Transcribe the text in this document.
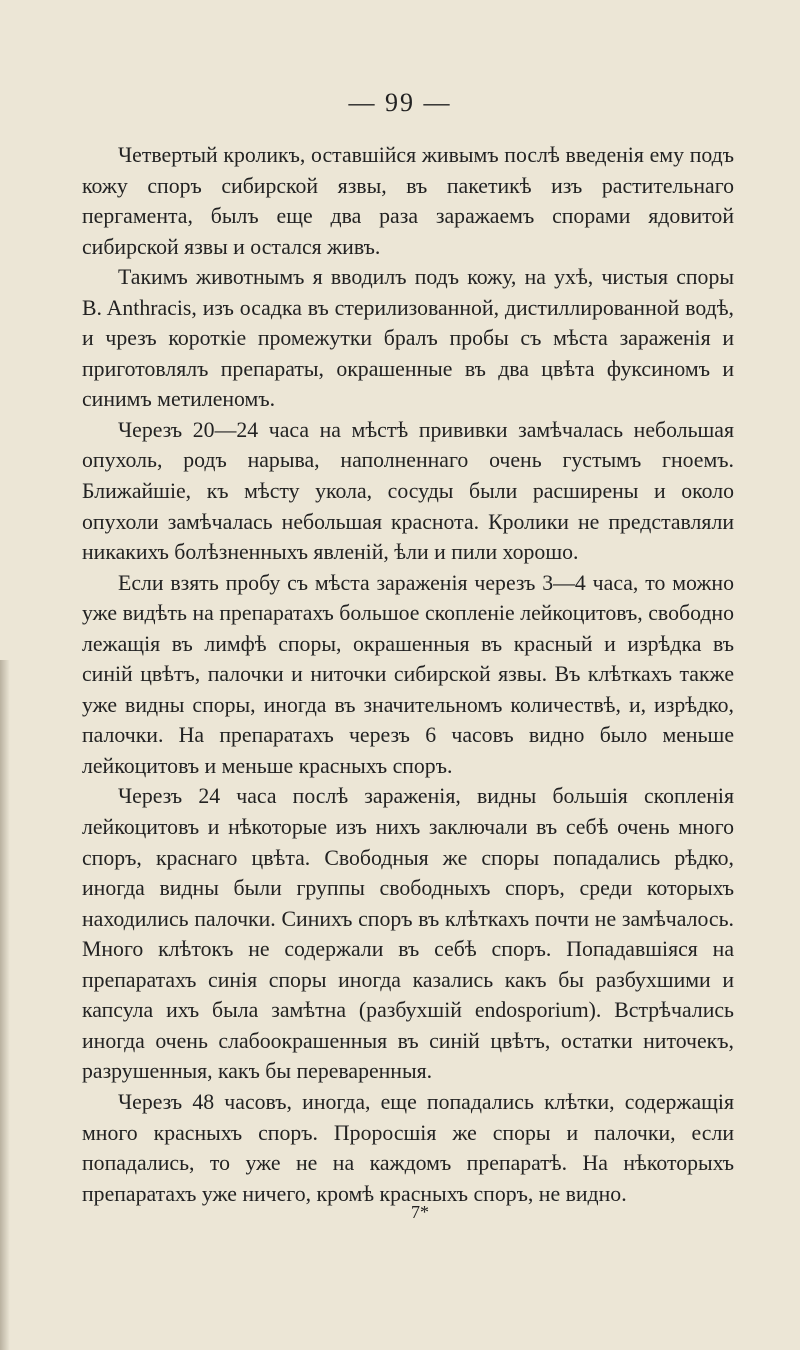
— 99 —

Четвертый кроликъ, оставшійся живымъ послѣ введенія ему подъ кожу споръ сибирской язвы, въ пакетикѣ изъ растительнаго пергамента, былъ еще два раза заражаемъ спорами ядовитой сибирской язвы и остался живъ.

Такимъ животнымъ я вводилъ подъ кожу, на ухѣ, чистыя споры B. Anthracis, изъ осадка въ стерилизованной, дистиллированной водѣ, и чрезъ короткіе промежутки бралъ пробы съ мѣста зараженія и приготовлялъ препараты, окрашенные въ два цвѣта фуксиномъ и синимъ метиленомъ.

Черезъ 20—24 часа на мѣстѣ прививки замѣчалась небольшая опухоль, родъ нарыва, наполненнаго очень густымъ гноемъ. Ближайшіе, къ мѣсту укола, сосуды были расширены и около опухоли замѣчалась небольшая краснота. Кролики не представляли никакихъ болѣзненныхъ явленій, ѣли и пили хорошо.

Если взять пробу съ мѣста зараженія черезъ 3—4 часа, то можно уже видѣть на препаратахъ большое скопленіе лейкоцитовъ, свободно лежащія въ лимфѣ споры, окрашенныя въ красный и изрѣдка въ синій цвѣтъ, палочки и ниточки сибирской язвы. Въ клѣткахъ также уже видны споры, иногда въ значительномъ количествѣ, и, изрѣдко, палочки. На препаратахъ черезъ 6 часовъ видно было меньше лейкоцитовъ и меньше красныхъ споръ.

Черезъ 24 часа послѣ зараженія, видны большія скопленія лейкоцитовъ и нѣкоторые изъ нихъ заключали въ себѣ очень много споръ, краснаго цвѣта. Свободныя же споры попадались рѣдко, иногда видны были группы свободныхъ споръ, среди которыхъ находились палочки. Синихъ споръ въ клѣткахъ почти не замѣчалось. Много клѣтокъ не содержали въ себѣ споръ. Попадавшіяся на препаратахъ синія споры иногда казались какъ бы разбухшими и капсула ихъ была замѣтна (разбухшій endosporium). Встрѣчались иногда очень слабоокрашенныя въ синій цвѣтъ, остатки ниточекъ, разрушенныя, какъ бы переваренныя.

Черезъ 48 часовъ, иногда, еще попадались клѣтки, содержащія много красныхъ споръ. Проросшія же споры и палочки, если попадались, то уже не на каждомъ препаратѣ. На нѣкоторыхъ препаратахъ уже ничего, кромѣ красныхъ споръ, не видно.

7*
